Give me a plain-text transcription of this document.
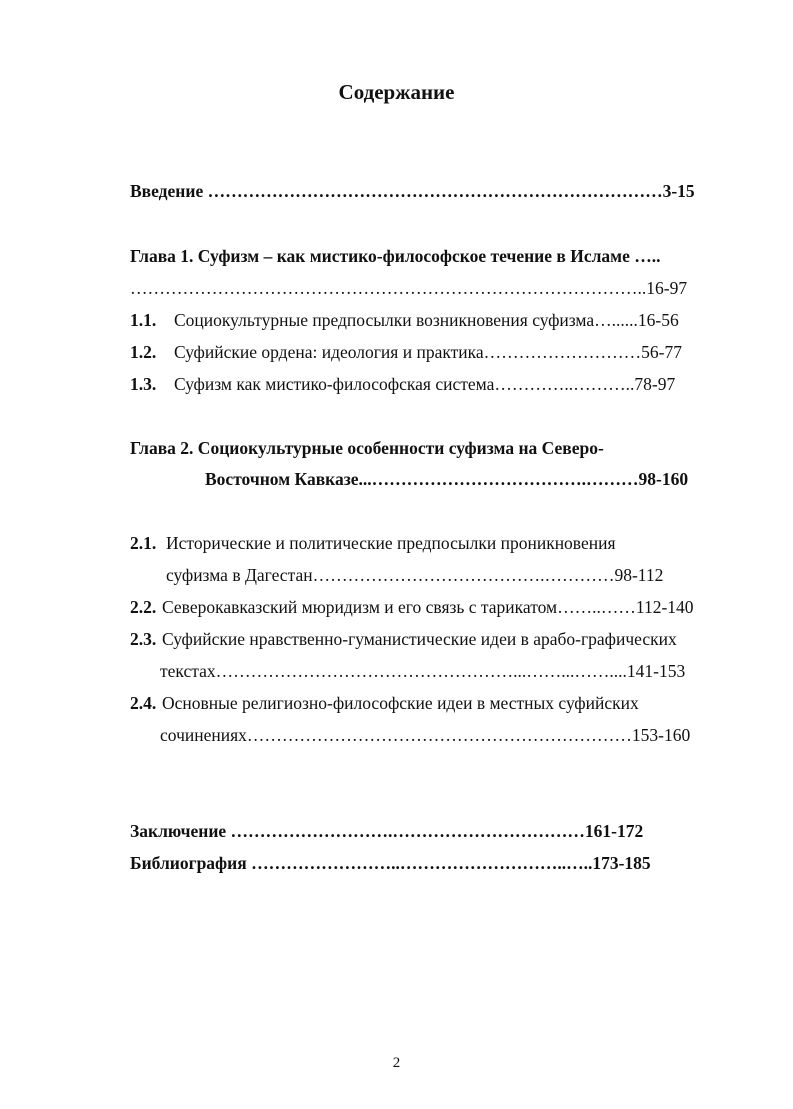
Содержание
Введение ……………………………………………………………………3-15
Глава 1. Суфизм – как мистико-философское течение в Исламе …..
……………………………………………………………………………..16-97
1.1. Социокультурные предпосылки возникновения суфизма…......16-56
1.2. Суфийские ордена: идеология и практика………………………56-77
1.3. Суфизм как мистико-философская система…………..………..78-97
Глава 2. Социокультурные особенности суфизма на Северо-
Восточном Кавказе...……………………………….………98-160
2.1. Исторические и политические предпосылки проникновения
суфизма в Дагестан………………………………….…………98-112
2.2. Северокавказский мюридизм и его связь с тарикатом……..……112-140
2.3. Суфийские нравственно-гуманистические идеи в арабо-графических
текстах……………………………………………...……...……....141-153
2.4. Основные религиозно-философские идеи в местных суфийских
сочинениях…………………………………………………………153-160
Заключение ……………………….……………………………161-172
Библиография ……………………..………………………..…..173-185
2
